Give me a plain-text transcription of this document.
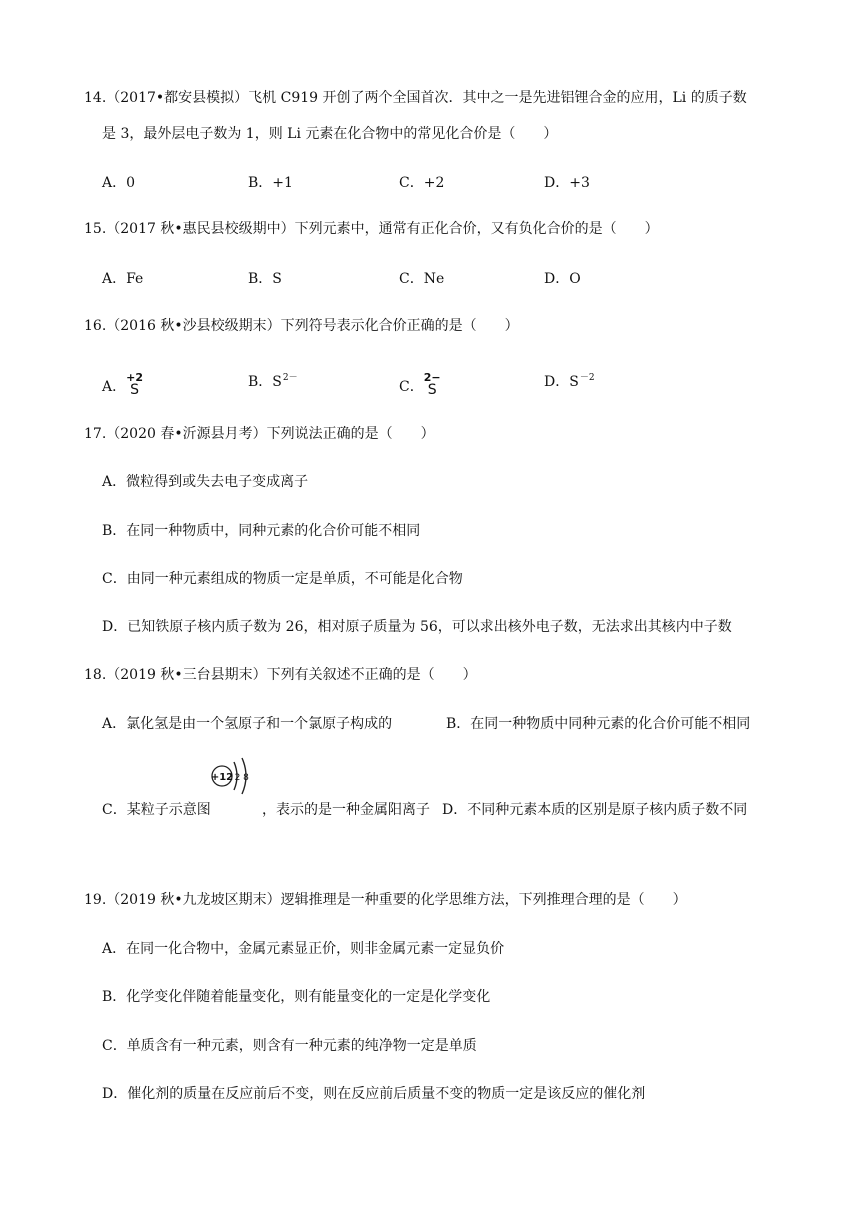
14.（2017•都安县模拟）飞机 C919 开创了两个全国首次．其中之一是先进铝锂合金的应用，Li 的质子数
是 3，最外层电子数为 1，则 Li 元素在化合物中的常见化合价是（　　）
A．0	B．+1	C．+2	D．+3
15.（2017 秋•惠民县校级期中）下列元素中，通常有正化合价，又有负化合价的是（　　）
A．Fe	B．S	C．Ne	D．O
16.（2016 秋•沙县校级期末）下列符号表示化合价正确的是（　　）
A．
+2
S	B．$S^{2-}$
C．
2−
S	D．$S^{-2}$
17.（2020 春•沂源县月考）下列说法正确的是（　　）
A．微粒得到或失去电子变成离子
B．在同一种物质中，同种元素的化合价可能不相同
C．由同一种元素组成的物质一定是单质，不可能是化合物
D．已知铁原子核内质子数为 26，相对原子质量为 56，可以求出核外电子数，无法求出其核内中子数
18.（2019 秋•三台县期末）下列有关叙述不正确的是（　　）
A．氯化氢是由一个氢原子和一个氯原子构成的	B．在同一种物质中同种元素的化合价可能不相同
C．某粒子示意图
+12 2 8
，表示的是一种金属阳离子 D．不同种元素本质的区别是原子核内质子数不同
19.（2019 秋•九龙坡区期末）逻辑推理是一种重要的化学思维方法，下列推理合理的是（　　）
A．在同一化合物中，金属元素显正价，则非金属元素一定显负价
B．化学变化伴随着能量变化，则有能量变化的一定是化学变化
C．单质含有一种元素，则含有一种元素的纯净物一定是单质
D．催化剂的质量在反应前后不变，则在反应前后质量不变的物质一定是该反应的催化剂
